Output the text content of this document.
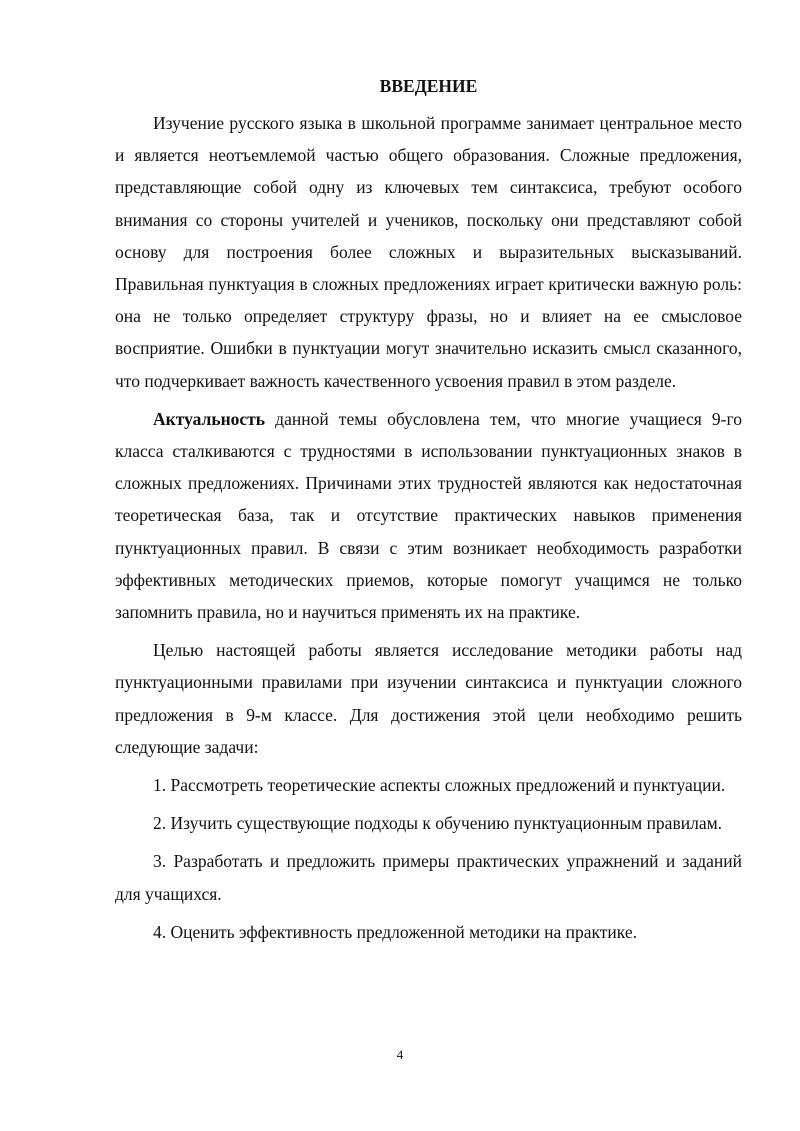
ВВЕДЕНИЕ

Изучение русского языка в школьной программе занимает центральное место и является неотъемлемой частью общего образования. Сложные предложения, представляющие собой одну из ключевых тем синтаксиса, требуют особого внимания со стороны учителей и учеников, поскольку они представляют собой основу для построения более сложных и выразительных высказываний. Правильная пунктуация в сложных предложениях играет критически важную роль: она не только определяет структуру фразы, но и влияет на ее смысловое восприятие. Ошибки в пунктуации могут значительно исказить смысл сказанного, что подчеркивает важность качественного усвоения правил в этом разделе.

Актуальность данной темы обусловлена тем, что многие учащиеся 9-го класса сталкиваются с трудностями в использовании пунктуационных знаков в сложных предложениях. Причинами этих трудностей являются как недостаточная теоретическая база, так и отсутствие практических навыков применения пунктуационных правил. В связи с этим возникает необходимость разработки эффективных методических приемов, которые помогут учащимся не только запомнить правила, но и научиться применять их на практике.

Целью настоящей работы является исследование методики работы над пунктуационными правилами при изучении синтаксиса и пунктуации сложного предложения в 9-м классе. Для достижения этой цели необходимо решить следующие задачи:

1. Рассмотреть теоретические аспекты сложных предложений и пунктуации.

2. Изучить существующие подходы к обучению пунктуационным правилам.

3. Разработать и предложить примеры практических упражнений и заданий для учащихся.

4. Оценить эффективность предложенной методики на практике.

4
